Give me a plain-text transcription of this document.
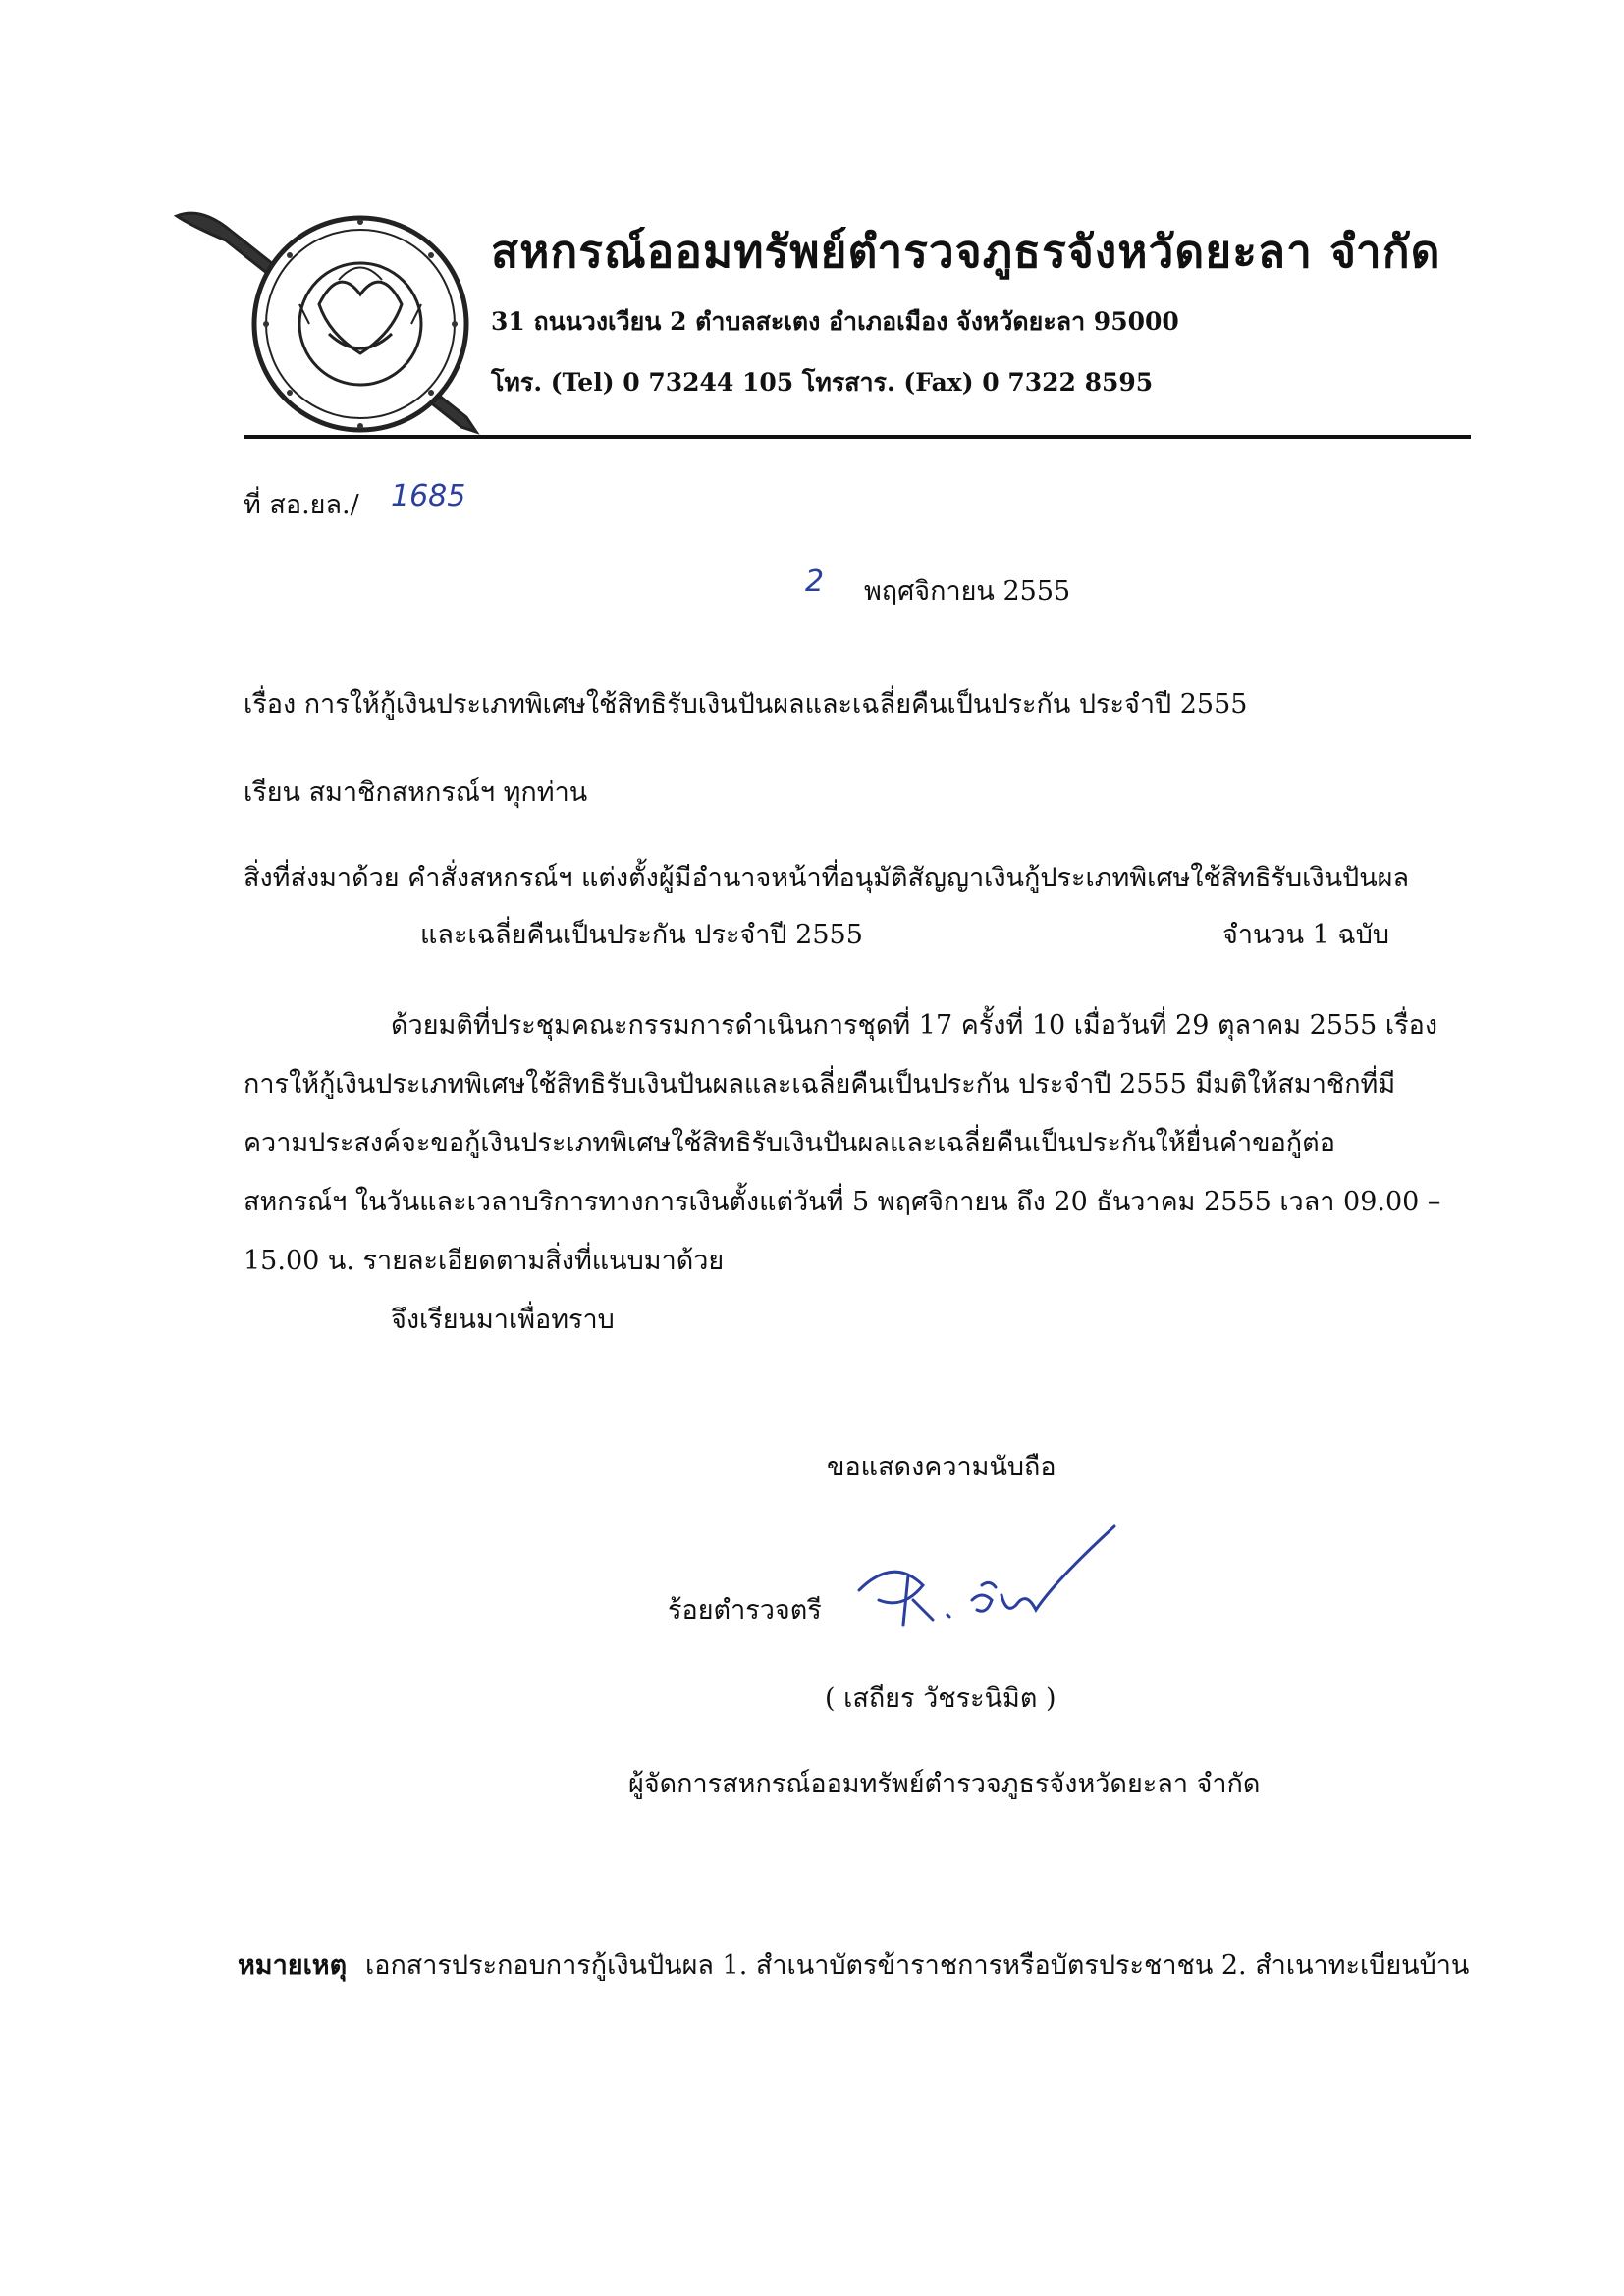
สหกรณ์ออมทรัพย์ตำรวจภูธรจังหวัดยะลา จำกัด
31 ถนนวงเวียน 2 ตำบลสะเตง อำเภอเมือง จังหวัดยะลา 95000
โทร. (Tel) 0 73244 105 โทรสาร. (Fax) 0 7322 8595
ที่ สอ.ยล./ 1685
2 พฤศจิกายน 2555
เรื่อง การให้กู้เงินประเภทพิเศษใช้สิทธิรับเงินปันผลและเฉลี่ยคืนเป็นประกัน ประจำปี 2555
เรียน สมาชิกสหกรณ์ฯ ทุกท่าน
สิ่งที่ส่งมาด้วย คำสั่งสหกรณ์ฯ แต่งตั้งผู้มีอำนาจหน้าที่อนุมัติสัญญาเงินกู้ประเภทพิเศษใช้สิทธิรับเงินปันผล
และเฉลี่ยคืนเป็นประกัน ประจำปี 2555	จำนวน 1 ฉบับ
ด้วยมติที่ประชุมคณะกรรมการดำเนินการชุดที่ 17 ครั้งที่ 10 เมื่อวันที่ 29 ตุลาคม 2555 เรื่อง
การให้กู้เงินประเภทพิเศษใช้สิทธิรับเงินปันผลและเฉลี่ยคืนเป็นประกัน ประจำปี 2555 มีมติให้สมาชิกที่มี
ความประสงค์จะขอกู้เงินประเภทพิเศษใช้สิทธิรับเงินปันผลและเฉลี่ยคืนเป็นประกันให้ยื่นคำขอกู้ต่อ
สหกรณ์ฯ ในวันและเวลาบริการทางการเงินตั้งแต่วันที่ 5 พฤศจิกายน ถึง 20 ธันวาคม 2555 เวลา 09.00 –
15.00 น. รายละเอียดตามสิ่งที่แนบมาด้วย
จึงเรียนมาเพื่อทราบ
ขอแสดงความนับถือ
ร้อยตำรวจตรี
( เสถียร วัชระนิมิต )
ผู้จัดการสหกรณ์ออมทรัพย์ตำรวจภูธรจังหวัดยะลา จำกัด
หมายเหตุ เอกสารประกอบการกู้เงินปันผล 1. สำเนาบัตรข้าราชการหรือบัตรประชาชน 2. สำเนาทะเบียนบ้าน
